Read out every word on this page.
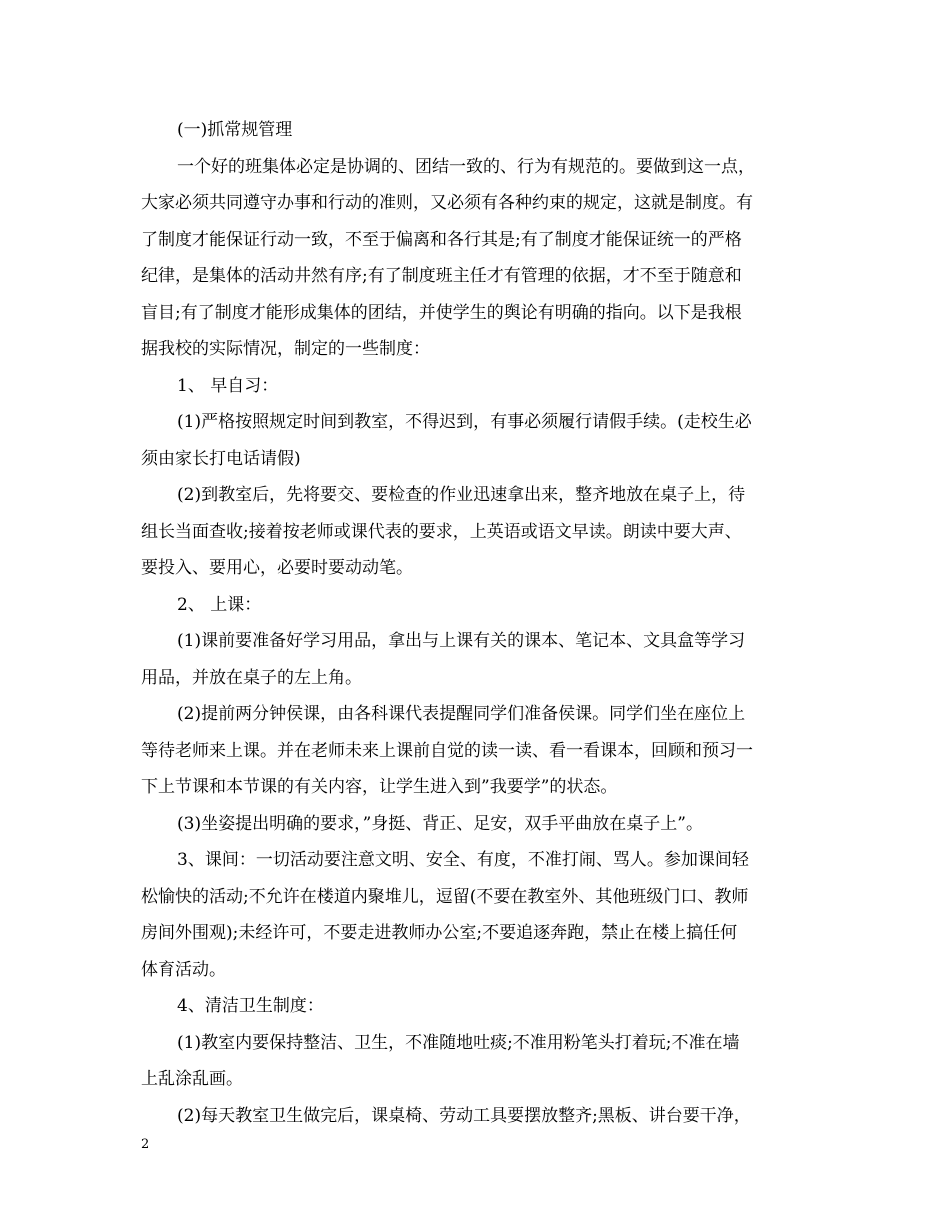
(一)抓常规管理
一个好的班集体必定是协调的、团结一致的、行为有规范的。要做到这一点，
大家必须共同遵守办事和行动的准则，又必须有各种约束的规定，这就是制度。有
了制度才能保证行动一致，不至于偏离和各行其是;有了制度才能保证统一的严格
纪律，是集体的活动井然有序;有了制度班主任才有管理的依据，才不至于随意和
盲目;有了制度才能形成集体的团结，并使学生的舆论有明确的指向。以下是我根
据我校的实际情况，制定的一些制度：
1、 早自习：
(1)严格按照规定时间到教室，不得迟到，有事必须履行请假手续。(走校生必
须由家长打电话请假)
(2)到教室后，先将要交、要检查的作业迅速拿出来，整齐地放在桌子上，待
组长当面查收;接着按老师或课代表的要求，上英语或语文早读。朗读中要大声、
要投入、要用心，必要时要动动笔。
2、 上课：
(1)课前要准备好学习用品，拿出与上课有关的课本、笔记本、文具盒等学习
用品，并放在桌子的左上角。
(2)提前两分钟侯课，由各科课代表提醒同学们准备侯课。同学们坐在座位上
等待老师来上课。并在老师未来上课前自觉的读一读、看一看课本，回顾和预习一
下上节课和本节课的有关内容，让学生进入到”我要学”的状态。
(3)坐姿提出明确的要求，”身挺、背正、足安，双手平曲放在桌子上”。
3、课间：一切活动要注意文明、安全、有度，不准打闹、骂人。参加课间轻
松愉快的活动;不允许在楼道内聚堆儿，逗留(不要在教室外、其他班级门口、教师
房间外围观);未经许可，不要走进教师办公室;不要追逐奔跑，禁止在楼上搞任何
体育活动。
4、清洁卫生制度：
(1)教室内要保持整洁、卫生，不准随地吐痰;不准用粉笔头打着玩;不准在墙
上乱涂乱画。
(2)每天教室卫生做完后，课桌椅、劳动工具要摆放整齐;黑板、讲台要干净，
2
